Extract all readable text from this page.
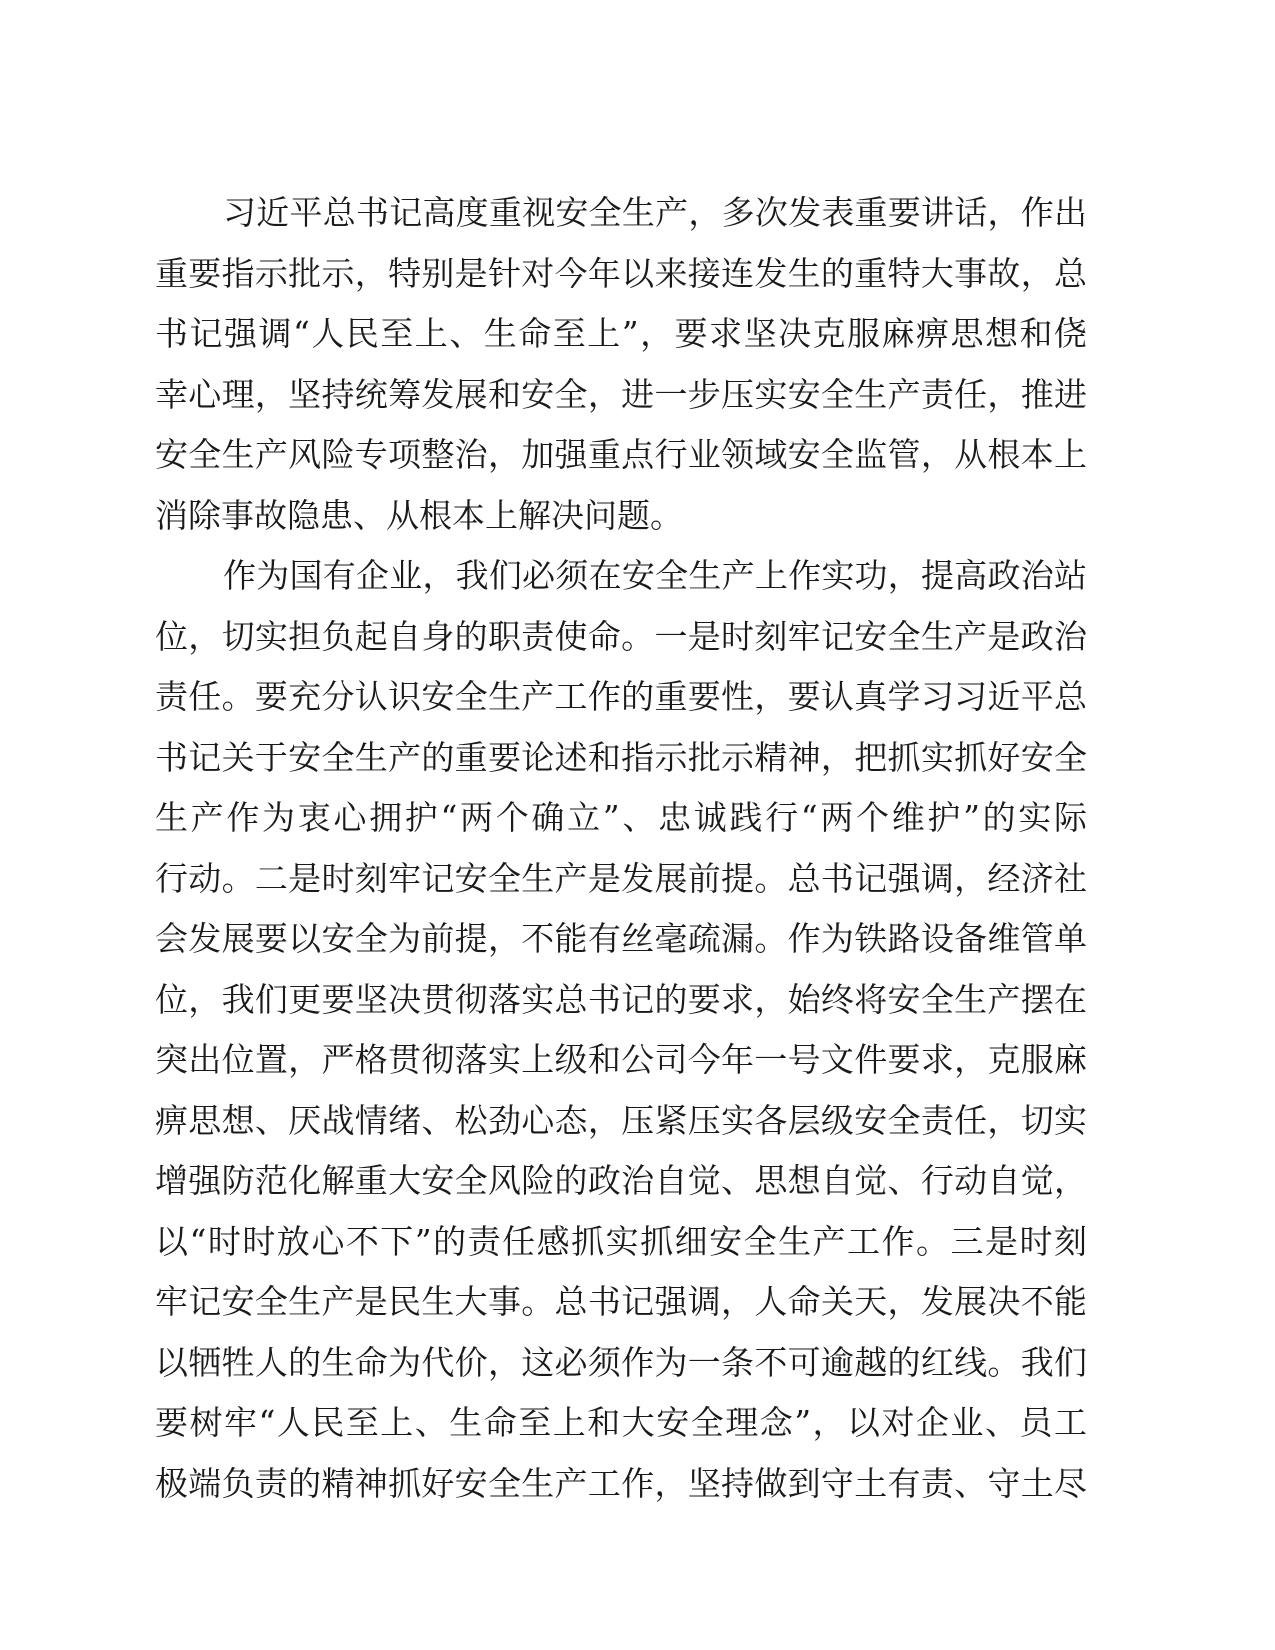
习近平总书记高度重视安全生产，多次发表重要讲话，作出
重要指示批示，特别是针对今年以来接连发生的重特大事故，总
书记强调“人民至上、生命至上”，要求坚决克服麻痹思想和侥
幸心理，坚持统筹发展和安全，进一步压实安全生产责任，推进
安全生产风险专项整治，加强重点行业领域安全监管，从根本上
消除事故隐患、从根本上解决问题。
作为国有企业，我们必须在安全生产上作实功，提高政治站
位，切实担负起自身的职责使命。一是时刻牢记安全生产是政治
责任。要充分认识安全生产工作的重要性，要认真学习习近平总
书记关于安全生产的重要论述和指示批示精神，把抓实抓好安全
生产作为衷心拥护“两个确立”、忠诚践行“两个维护”的实际
行动。二是时刻牢记安全生产是发展前提。总书记强调，经济社
会发展要以安全为前提，不能有丝毫疏漏。作为铁路设备维管单
位，我们更要坚决贯彻落实总书记的要求，始终将安全生产摆在
突出位置，严格贯彻落实上级和公司今年一号文件要求，克服麻
痹思想、厌战情绪、松劲心态，压紧压实各层级安全责任，切实
增强防范化解重大安全风险的政治自觉、思想自觉、行动自觉，
以“时时放心不下”的责任感抓实抓细安全生产工作。三是时刻
牢记安全生产是民生大事。总书记强调，人命关天，发展决不能
以牺牲人的生命为代价，这必须作为一条不可逾越的红线。我们
要树牢“人民至上、生命至上和大安全理念”，以对企业、员工
极端负责的精神抓好安全生产工作，坚持做到守土有责、守土尽
